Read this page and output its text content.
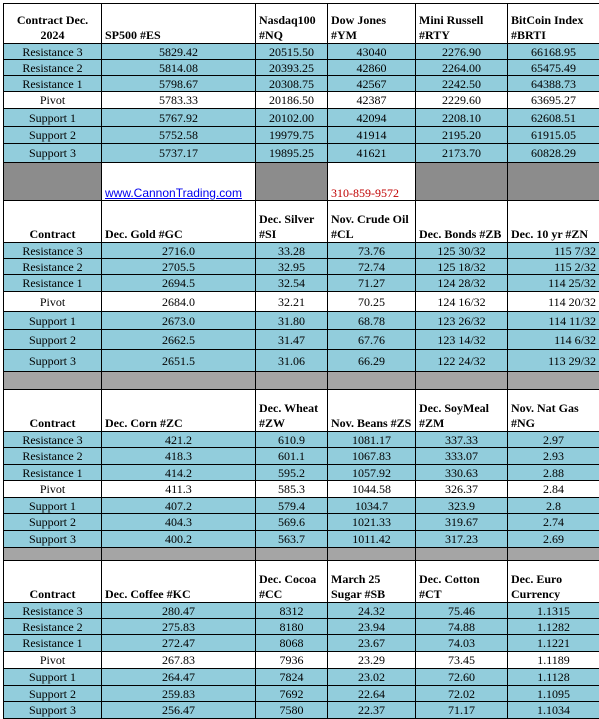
Contract Dec. 2024	SP500 #ES	Nasdaq100 #NQ	Dow Jones #YM	Mini Russell #RTY	BitCoin Index #BRTI
Resistance 3	5829.42	20515.50	43040	2276.90	66168.95
Resistance 2	5814.08	20393.25	42860	2264.00	65475.49
Resistance 1	5798.67	20308.75	42567	2242.50	64388.73
Pivot	5783.33	20186.50	42387	2229.60	63695.27
Support 1	5767.92	20102.00	42094	2208.10	62608.51
Support 2	5752.58	19979.75	41914	2195.20	61915.05
Support 3	5737.17	19895.25	41621	2173.70	60828.29
	www.CannonTrading.com		310-859-9572		
Contract	Dec. Gold #GC	Dec. Silver #SI	Nov. Crude Oil #CL	Dec. Bonds #ZB	Dec. 10 yr #ZN
Resistance 3	2716.0	33.28	73.76	125 30/32	115 7/32
Resistance 2	2705.5	32.95	72.74	125 18/32	115 2/32
Resistance 1	2694.5	32.54	71.27	124 28/32	114 25/32
Pivot	2684.0	32.21	70.25	124 16/32	114 20/32
Support 1	2673.0	31.80	68.78	123 26/32	114 11/32
Support 2	2662.5	31.47	67.76	123 14/32	114 6/32
Support 3	2651.5	31.06	66.29	122 24/32	113 29/32

Contract	Dec. Corn #ZC	Dec. Wheat #ZW	Nov. Beans #ZS	Dec. SoyMeal #ZM	Nov. Nat Gas #NG
Resistance 3	421.2	610.9	1081.17	337.33	2.97
Resistance 2	418.3	601.1	1067.83	333.07	2.93
Resistance 1	414.2	595.2	1057.92	330.63	2.88
Pivot	411.3	585.3	1044.58	326.37	2.84
Support 1	407.2	579.4	1034.7	323.9	2.8
Support 2	404.3	569.6	1021.33	319.67	2.74
Support 3	400.2	563.7	1011.42	317.23	2.69

Contract	Dec. Coffee #KC	Dec. Cocoa #CC	March 25 Sugar #SB	Dec. Cotton #CT	Dec. Euro Currency
Resistance 3	280.47	8312	24.32	75.46	1.1315
Resistance 2	275.83	8180	23.94	74.88	1.1282
Resistance 1	272.47	8068	23.67	74.03	1.1221
Pivot	267.83	7936	23.29	73.45	1.1189
Support 1	264.47	7824	23.02	72.60	1.1128
Support 2	259.83	7692	22.64	72.02	1.1095
Support 3	256.47	7580	22.37	71.17	1.1034
